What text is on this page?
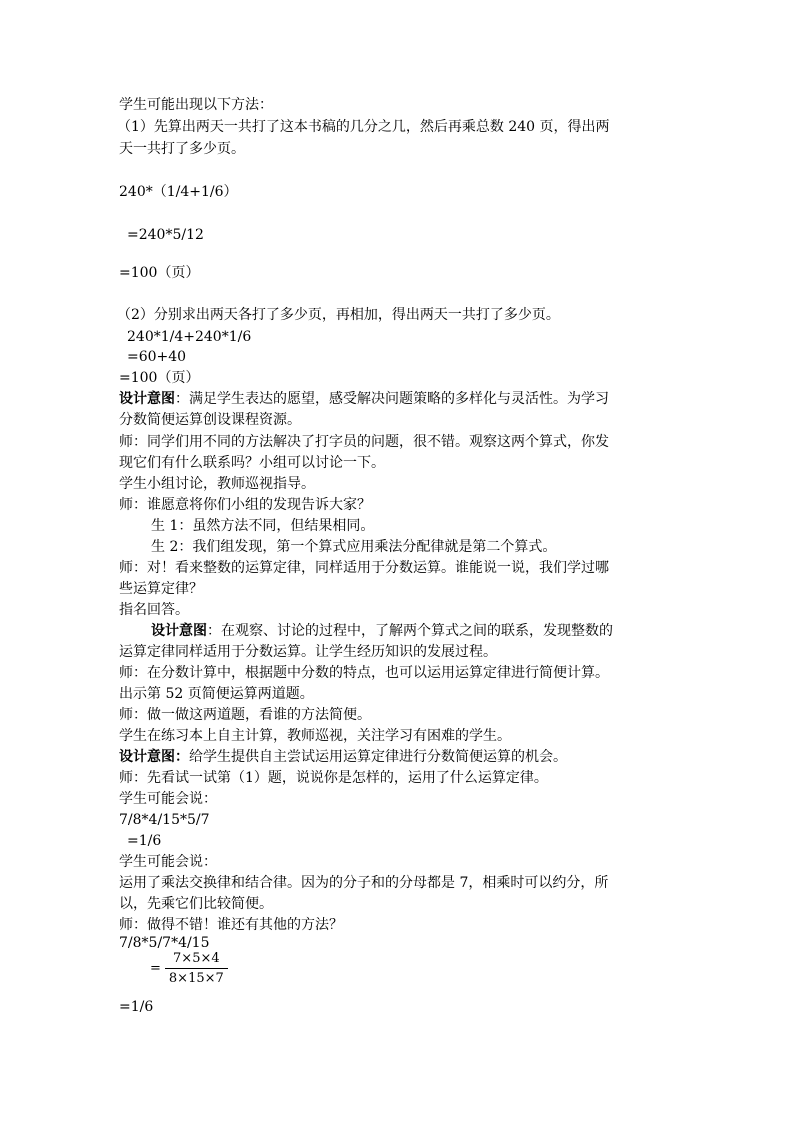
学生可能出现以下方法：
（1）先算出两天一共打了这本书稿的几分之几，然后再乘总数 240 页，得出两
天一共打了多少页。
240*（1/4+1/6）
=240*5/12
=100（页）
（2）分别求出两天各打了多少页，再相加，得出两天一共打了多少页。
240*1/4+240*1/6
=60+40
=100（页）
设计意图：满足学生表达的愿望，感受解决问题策略的多样化与灵活性。为学习
分数简便运算创设课程资源。
师：同学们用不同的方法解决了打字员的问题，很不错。观察这两个算式，你发
现它们有什么联系吗？小组可以讨论一下。
学生小组讨论，教师巡视指导。
师：谁愿意将你们小组的发现告诉大家？
生 1：虽然方法不同，但结果相同。
生 2：我们组发现，第一个算式应用乘法分配律就是第二个算式。
师：对！看来整数的运算定律，同样适用于分数运算。谁能说一说，我们学过哪
些运算定律？
指名回答。
设计意图：在观察、讨论的过程中，了解两个算式之间的联系，发现整数的
运算定律同样适用于分数运算。让学生经历知识的发展过程。
师：在分数计算中，根据题中分数的特点，也可以运用运算定律进行简便计算。
出示第 52 页简便运算两道题。
师：做一做这两道题，看谁的方法简便。
学生在练习本上自主计算，教师巡视，关注学习有困难的学生。
设计意图：给学生提供自主尝试运用运算定律进行分数简便运算的机会。
师：先看试一试第（1）题，说说你是怎样的，运用了什么运算定律。
学生可能会说：
7/8*4/15*5/7
=1/6
学生可能会说：
运用了乘法交换律和结合律。因为的分子和的分母都是 7，相乘时可以约分，所
以，先乘它们比较简便。
师：做得不错！谁还有其他的方法？
7/8*5/7*4/15
= $\frac{7\times 5\times 4}{8\times 15\times 7}$
=1/6
